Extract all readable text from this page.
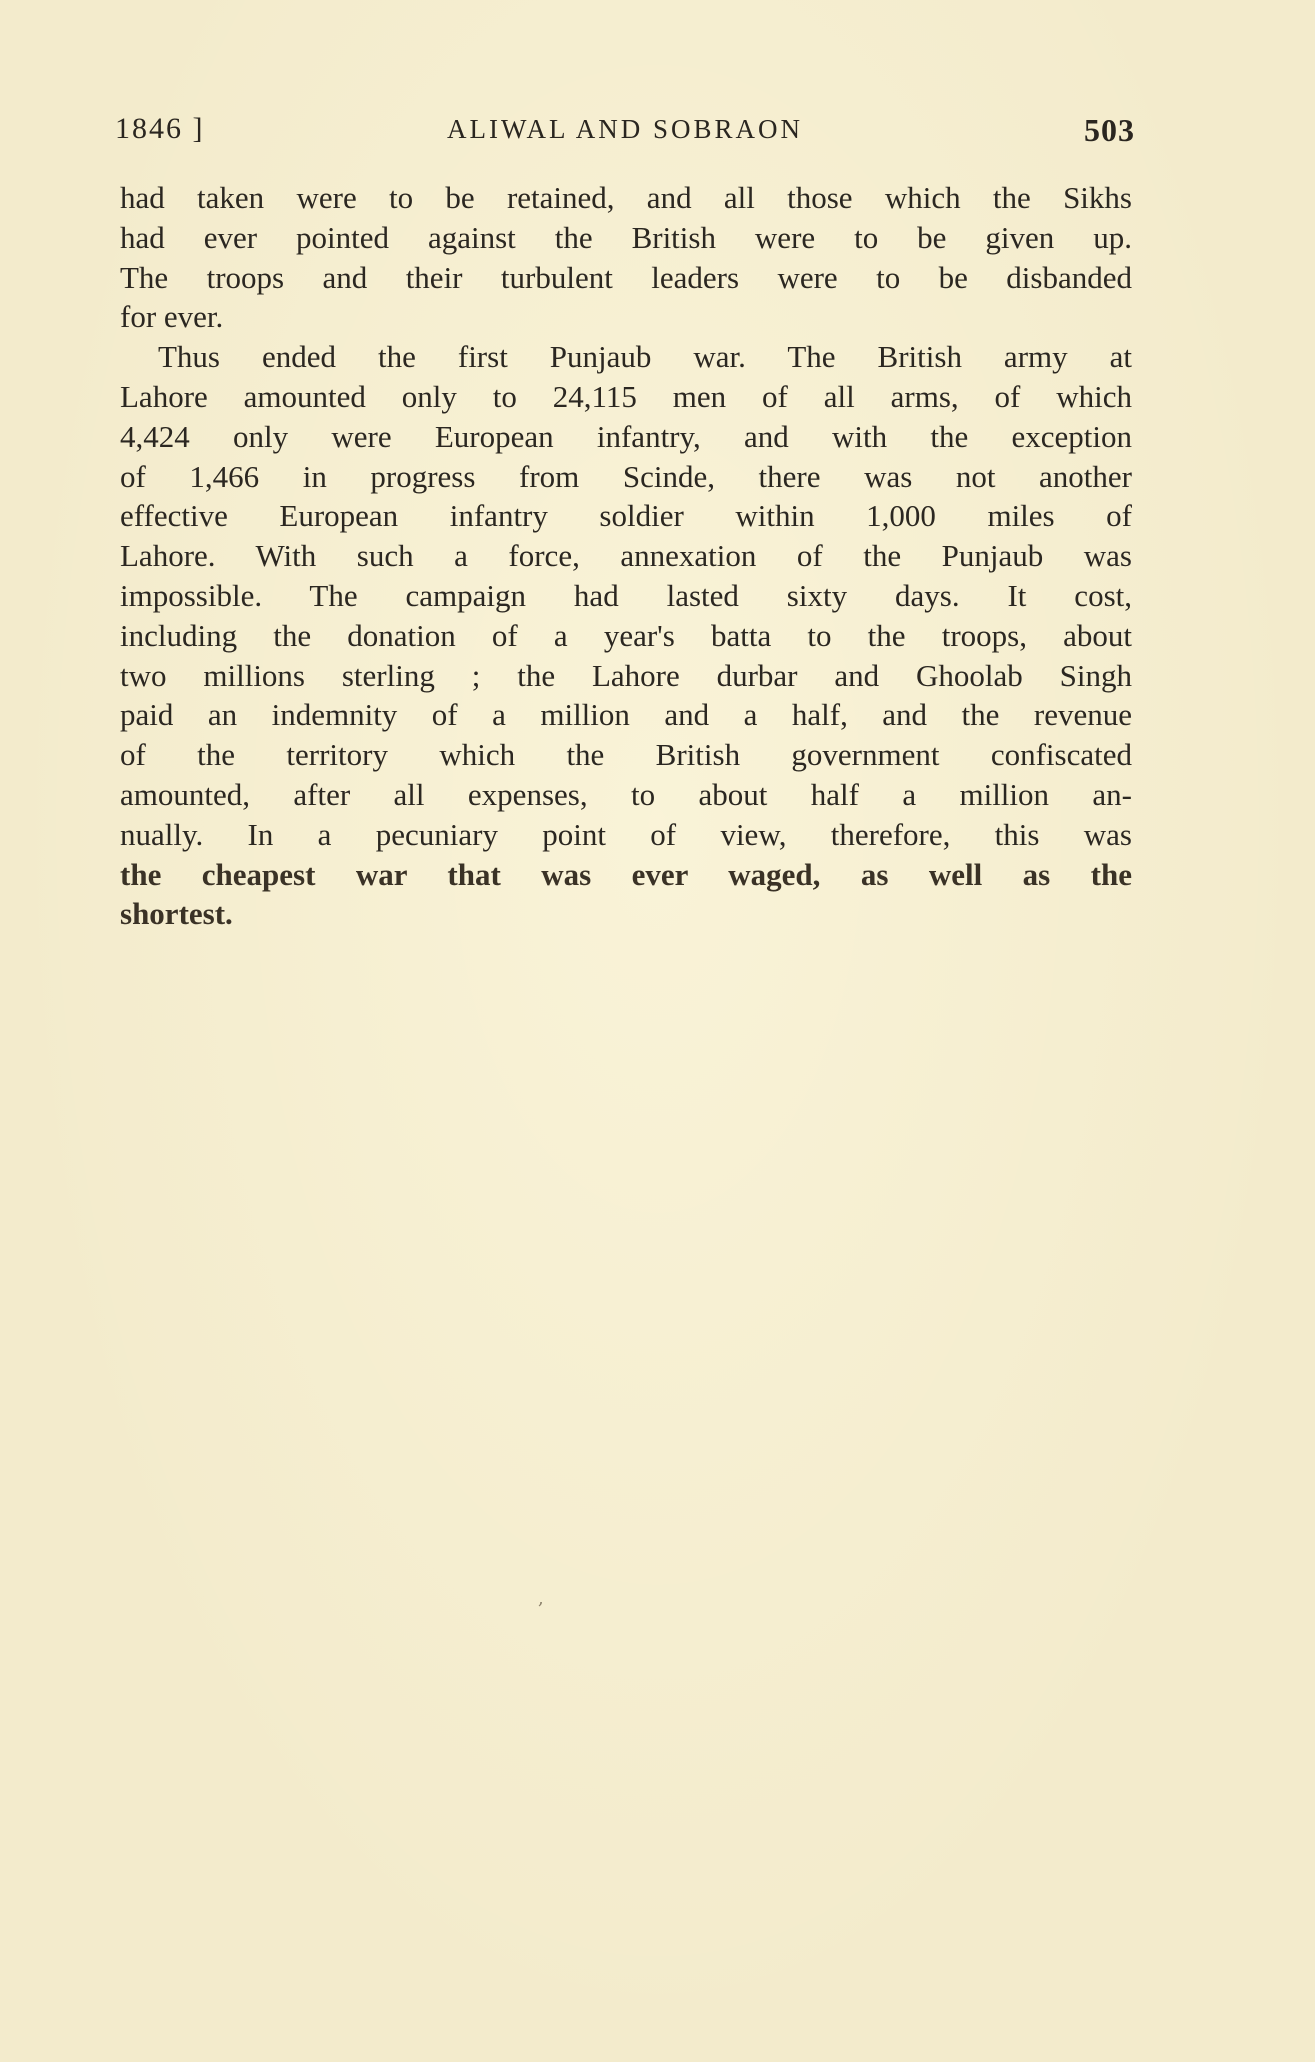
1846 ]	ALIWAL AND SOBRAON	503
had taken were to be retained, and all those which the Sikhs
had ever pointed against the British were to be given up.
The troops and their turbulent leaders were to be disbanded
for ever.
Thus ended the first Punjaub war. The British army at
Lahore amounted only to 24,115 men of all arms, of which
4,424 only were European infantry, and with the exception
of 1,466 in progress from Scinde, there was not another
effective European infantry soldier within 1,000 miles of
Lahore. With such a force, annexation of the Punjaub was
impossible. The campaign had lasted sixty days. It cost,
including the donation of a year's batta to the troops, about
two millions sterling ; the Lahore durbar and Ghoolab Singh
paid an indemnity of a million and a half, and the revenue
of the territory which the British government confiscated
amounted, after all expenses, to about half a million an-
nually. In a pecuniary point of view, therefore, this was
the cheapest war that was ever waged, as well as the
shortest.
,
